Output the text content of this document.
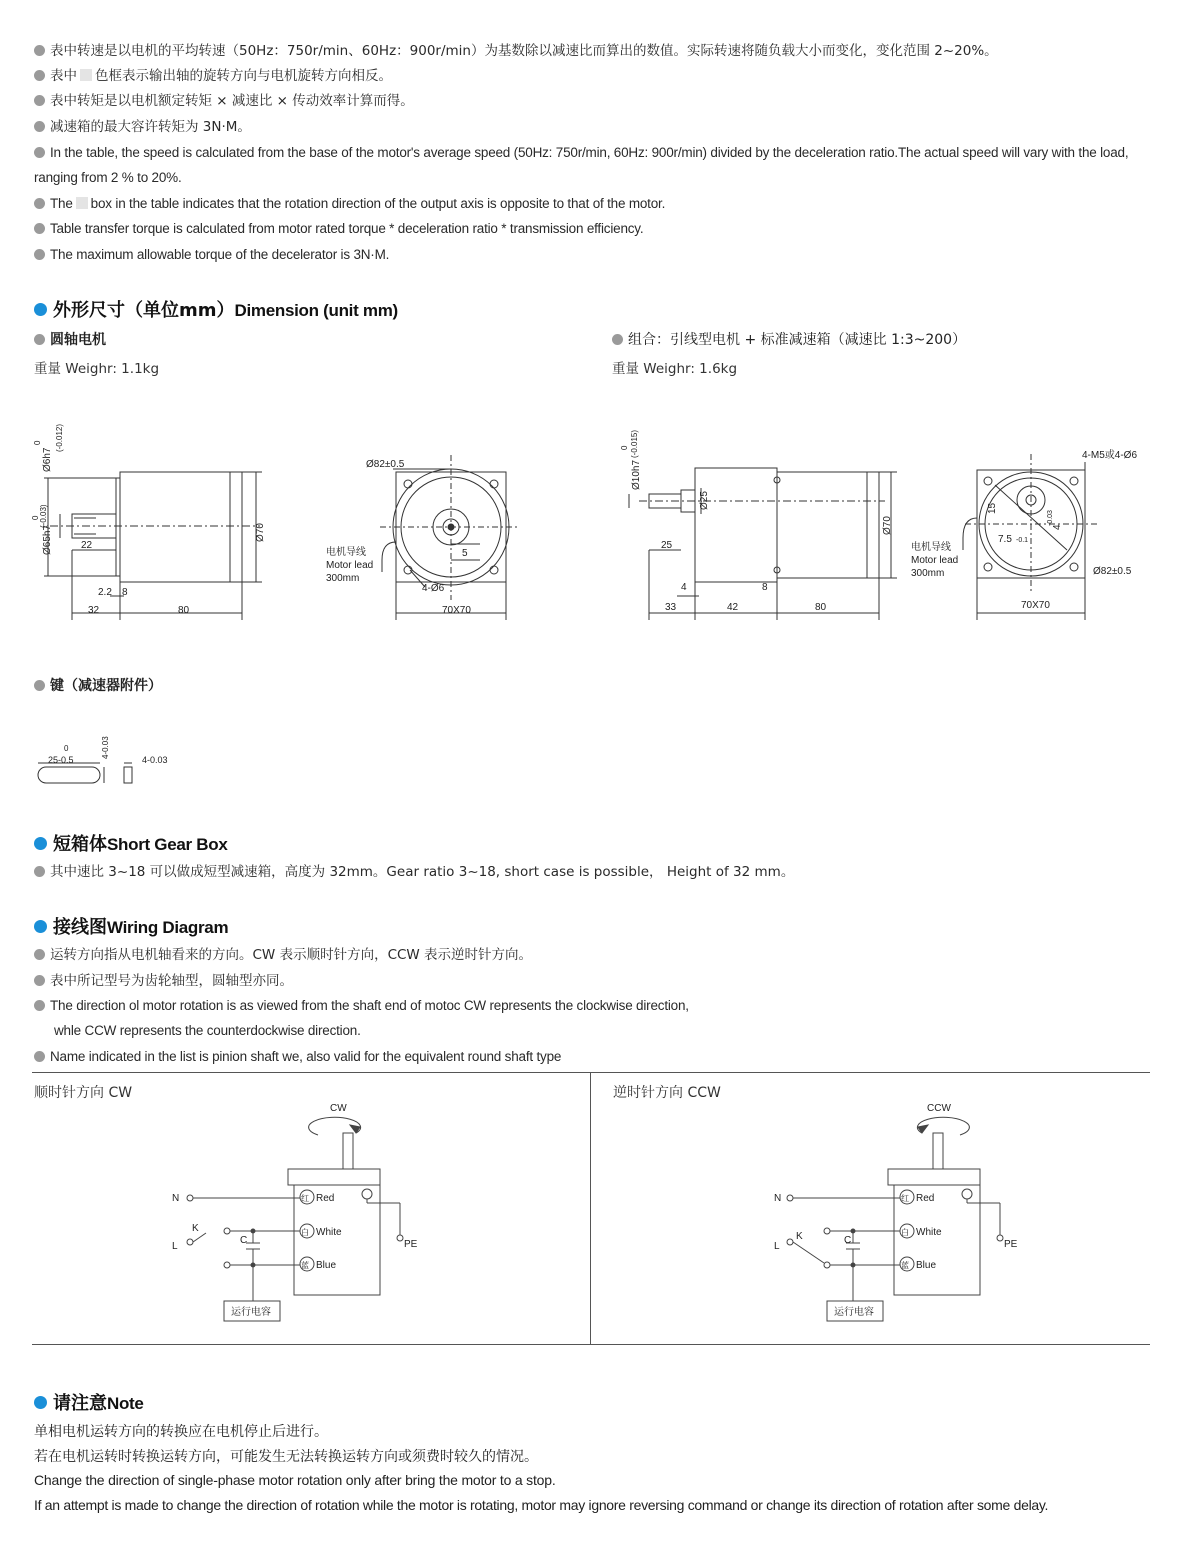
表中转速是以电机的平均转速（50Hz：750r/min、60Hz：900r/min）为基数除以减速比而算出的数值。实际转速将随负载大小而变化，变化范围 2~20%。
表中 色框表示输出轴的旋转方向与电机旋转方向相反。
表中转矩是以电机额定转矩 × 减速比 × 传动效率计算而得。
减速箱的最大容许转矩为 3N·M。
In the table, the speed is calculated from the base of the motor's average speed (50Hz: 750r/min, 60Hz: 900r/min) divided by the deceleration ratio.The actual speed will vary with the load,
ranging from 2 % to 20%.
The box in the table indicates that the rotation direction of the output axis is opposite to that of the motor.
Table transfer torque is calculated from motor rated torque * deceleration ratio * transmission efficiency.
The maximum allowable torque of the decelerator is 3N·M.
外形尺寸（单位mm）Dimension (unit mm)
圆轴电机
重量 Weighr: 1.1kg
组合：引线型电机 + 标准减速箱（减速比 1:3~200）
重量 Weighr: 1.6kg
Ø6h7
0 (-0.012)
Ø65h7
0 (-0.03)
Ø70
22
2.2 8
32	80
Ø82±0.5
电机导线
Motor lead
300mm
5
4-Ø6
70X70
Ø10h7
0 (-0.015)
Ø25
Ø70
25
4	8
33	42	80
4-M5或4-Ø6
15
7.5 -0.1
4
-0.03
电机导线
Motor lead
300mm	Ø82±0.5
70X70
键（减速器附件）
25-0.5
0	4-0.03
4-0.03
短箱体Short Gear Box
其中速比 3~18 可以做成短型减速箱，高度为 32mm。Gear ratio 3~18, short case is possible， Height of 32 mm。
接线图Wiring Diagram
运转方向指从电机轴看来的方向。CW 表示顺时针方向，CCW 表示逆时针方向。
表中所记型号为齿轮轴型，圆轴型亦同。
The direction ol motor rotation is as viewed from the shaft end of motoc CW represents the clockwise direction,
whle CCW represents the counterdockwise direction.
Name indicated in the list is pinion shaft we, also valid for the equivalent round shaft type
顺时针方向 CW	逆时针方向 CCW
CW
N
L
K
C	PE
红 Red
白 White
蓝 Blue
运行电容
CCW
N
L
K	C	PE
红 Red
白 White
蓝 Blue
运行电容
请注意Note
单相电机运转方向的转换应在电机停止后进行。
若在电机运转时转换运转方向，可能发生无法转换运转方向或须费时较久的情况。
Change the direction of single-phase motor rotation only after bring the motor to a stop.
If an attempt is made to change the direction of rotation while the motor is rotating, motor may ignore reversing command or change its direction of rotation after some delay.
